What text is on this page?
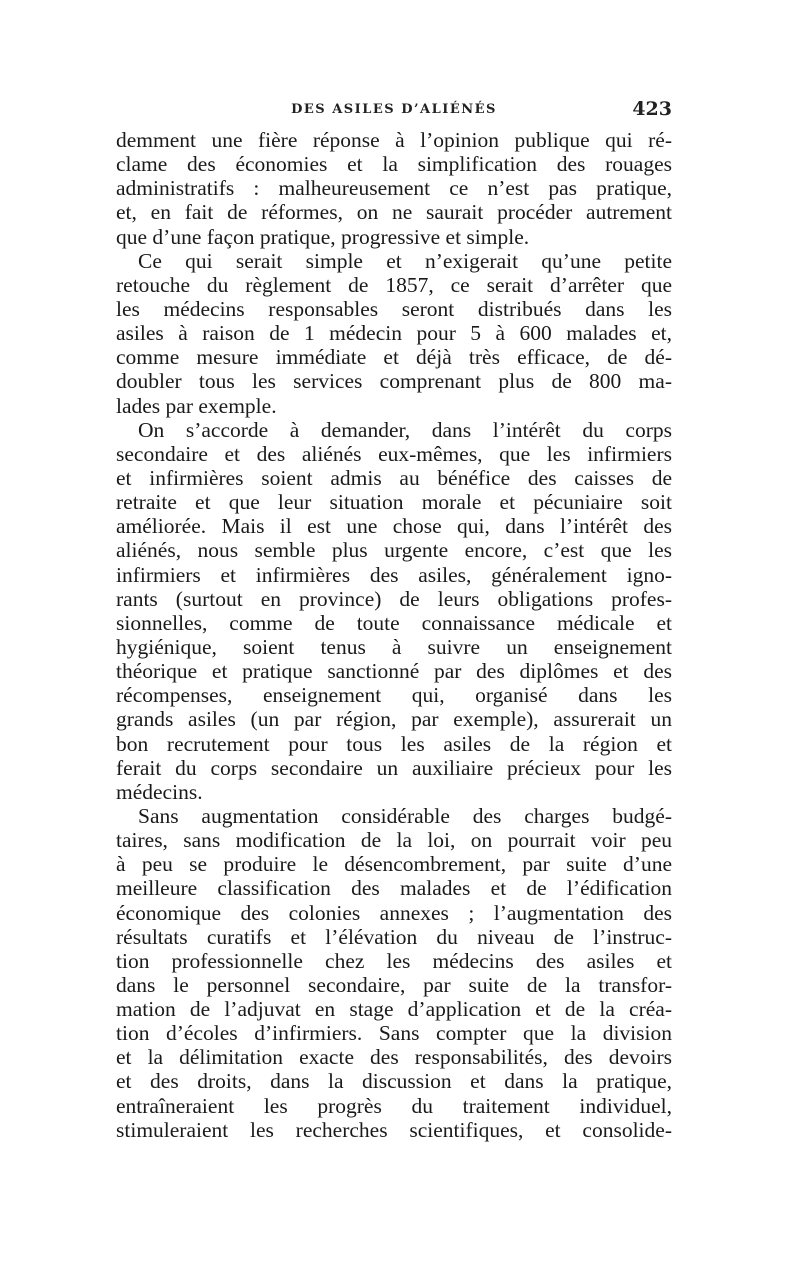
DES ASILES D’ALIÉNÉS	423
demment une fière réponse à l’opinion publique qui ré-
clame des économies et la simplification des rouages
administratifs : malheureusement ce n’est pas pratique,
et, en fait de réformes, on ne saurait procéder autrement
que d’une façon pratique, progressive et simple.
Ce qui serait simple et n’exigerait qu’une petite
retouche du règlement de 1857, ce serait d’arrêter que
les médecins responsables seront distribués dans les
asiles à raison de 1 médecin pour 5 à 600 malades et,
comme mesure immédiate et déjà très efficace, de dé-
doubler tous les services comprenant plus de 800 ma-
lades par exemple.
On s’accorde à demander, dans l’intérêt du corps
secondaire et des aliénés eux-mêmes, que les infirmiers
et infirmières soient admis au bénéfice des caisses de
retraite et que leur situation morale et pécuniaire soit
améliorée. Mais il est une chose qui, dans l’intérêt des
aliénés, nous semble plus urgente encore, c’est que les
infirmiers et infirmières des asiles, généralement igno-
rants (surtout en province) de leurs obligations profes-
sionnelles, comme de toute connaissance médicale et
hygiénique, soient tenus à suivre un enseignement
théorique et pratique sanctionné par des diplômes et des
récompenses, enseignement qui, organisé dans les
grands asiles (un par région, par exemple), assurerait un
bon recrutement pour tous les asiles de la région et
ferait du corps secondaire un auxiliaire précieux pour les
médecins.
Sans augmentation considérable des charges budgé-
taires, sans modification de la loi, on pourrait voir peu
à peu se produire le désencombrement, par suite d’une
meilleure classification des malades et de l’édification
économique des colonies annexes ; l’augmentation des
résultats curatifs et l’élévation du niveau de l’instruc-
tion professionnelle chez les médecins des asiles et
dans le personnel secondaire, par suite de la transfor-
mation de l’adjuvat en stage d’application et de la créa-
tion d’écoles d’infirmiers. Sans compter que la division
et la délimitation exacte des responsabilités, des devoirs
et des droits, dans la discussion et dans la pratique,
entraîneraient les progrès du traitement individuel,
stimuleraient les recherches scientifiques, et consolide-
